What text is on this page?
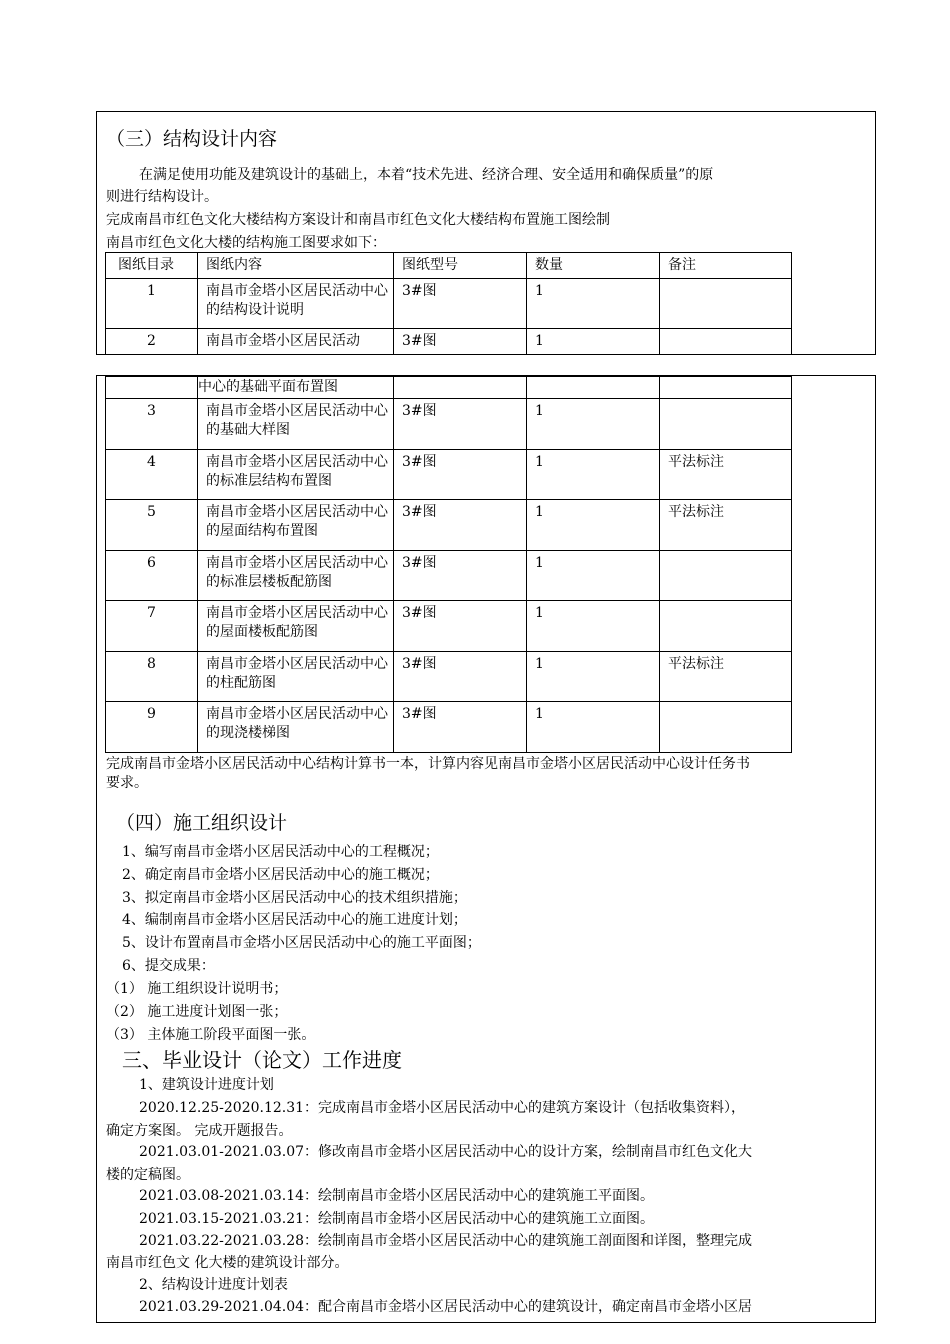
（三）结构设计内容
在满足使用功能及建筑设计的基础上，本着“技术先进、经济合理、安全适用和确保质量”的原
则进行结构设计。
完成南昌市红色文化大楼结构方案设计和南昌市红色文化大楼结构布置施工图绘制
南昌市红色文化大楼的结构施工图要求如下：
图纸目录	图纸内容	图纸型号	数量	备注
1	南昌市金塔小区居民活动中心的结构设计说明	3#图	1	
2	南昌市金塔小区居民活动	3#图	1	
	中心的基础平面布置图			
3	南昌市金塔小区居民活动中心的基础大样图	3#图	1	
4	南昌市金塔小区居民活动中心的标准层结构布置图	3#图	1	平法标注
5	南昌市金塔小区居民活动中心的屋面结构布置图	3#图	1	平法标注
6	南昌市金塔小区居民活动中心的标准层楼板配筋图	3#图	1	
7	南昌市金塔小区居民活动中心的屋面楼板配筋图	3#图	1	
8	南昌市金塔小区居民活动中心的柱配筋图	3#图	1	平法标注
9	南昌市金塔小区居民活动中心的现浇楼梯图	3#图	1	
完成南昌市金塔小区居民活动中心结构计算书一本，计算内容见南昌市金塔小区居民活动中心设计任务书
要求。
（四）施工组织设计
1、编写南昌市金塔小区居民活动中心的工程概况；
2、确定南昌市金塔小区居民活动中心的施工概况；
3、拟定南昌市金塔小区居民活动中心的技术组织措施；
4、编制南昌市金塔小区居民活动中心的施工进度计划；
5、设计布置南昌市金塔小区居民活动中心的施工平面图；
6、提交成果：
（1） 施工组织设计说明书；
（2） 施工进度计划图一张；
（3） 主体施工阶段平面图一张。
三、毕业设计（论文）工作进度
1、建筑设计进度计划
2020.12.25-2020.12.31：完成南昌市金塔小区居民活动中心的建筑方案设计（包括收集资料），
确定方案图。 完成开题报告。
2021.03.01-2021.03.07：修改南昌市金塔小区居民活动中心的设计方案，绘制南昌市红色文化大
楼的定稿图。
2021.03.08-2021.03.14：绘制南昌市金塔小区居民活动中心的建筑施工平面图。
2021.03.15-2021.03.21：绘制南昌市金塔小区居民活动中心的建筑施工立面图。
2021.03.22-2021.03.28：绘制南昌市金塔小区居民活动中心的建筑施工剖面图和详图，整理完成
南昌市红色文 化大楼的建筑设计部分。
2、结构设计进度计划表
2021.03.29-2021.04.04：配合南昌市金塔小区居民活动中心的建筑设计，确定南昌市金塔小区居
